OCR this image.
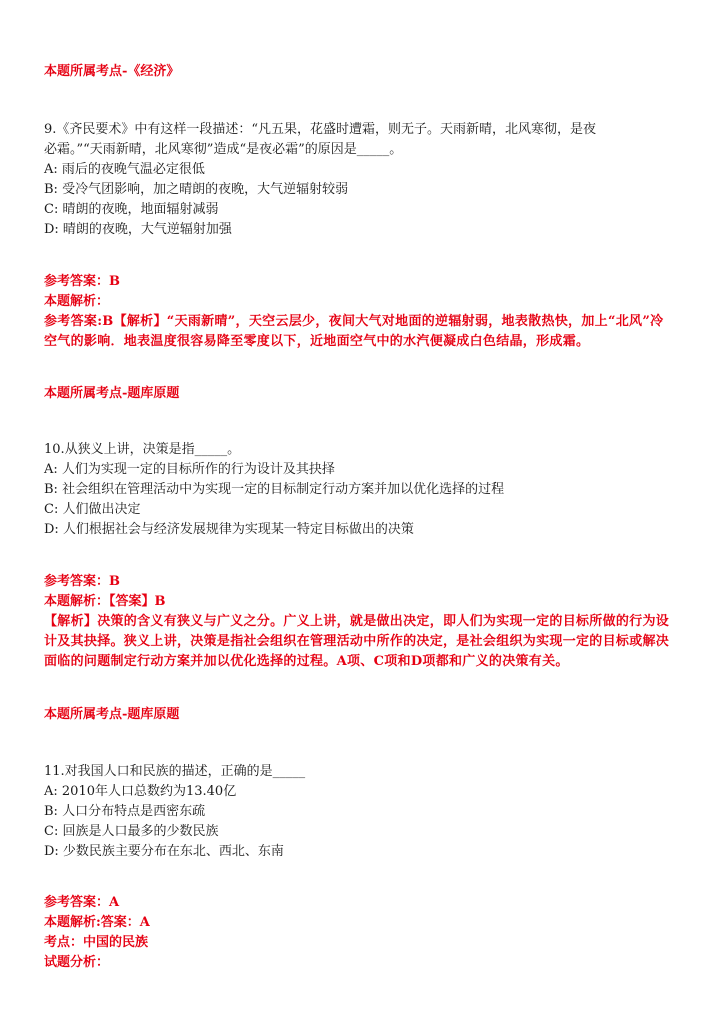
本题所属考点-《经济》
9.《齐民要术》中有这样一段描述：“凡五果，花盛时遭霜，则无子。天雨新晴，北风寒彻，是夜
必霜。”“天雨新晴，北风寒彻”造成“是夜必霜”的原因是_____。
A: 雨后的夜晚气温必定很低
B: 受冷气团影响，加之晴朗的夜晚，大气逆辐射较弱
C: 晴朗的夜晚，地面辐射减弱
D: 晴朗的夜晚，大气逆辐射加强
参考答案：B
本题解析：
参考答案:B【解析】“天雨新晴”，天空云层少，夜间大气对地面的逆辐射弱，地表散热快，加上“北风”冷空气的影响．地表温度很容易降至零度以下，近地面空气中的水汽便凝成白色结晶，形成霜。
本题所属考点-题库原题
10.从狭义上讲，决策是指_____。
A: 人们为实现一定的目标所作的行为设计及其抉择
B: 社会组织在管理活动中为实现一定的目标制定行动方案并加以优化选择的过程
C: 人们做出决定
D: 人们根据社会与经济发展规律为实现某一特定目标做出的决策
参考答案：B
本题解析：【答案】B
【解析】决策的含义有狭义与广义之分。广义上讲，就是做出决定，即人们为实现一定的目标所做的行为设计及其抉择。狭义上讲，决策是指社会组织在管理活动中所作的决定，是社会组织为实现一定的目标或解决面临的问题制定行动方案并加以优化选择的过程。A项、C项和D项都和广义的决策有关。
本题所属考点-题库原题
11.对我国人口和民族的描述，正确的是_____
A: 2010年人口总数约为13.40亿
B: 人口分布特点是西密东疏
C: 回族是人口最多的少数民族
D: 少数民族主要分布在东北、西北、东南
参考答案：A
本题解析:答案：A
考点：中国的民族
试题分析：
